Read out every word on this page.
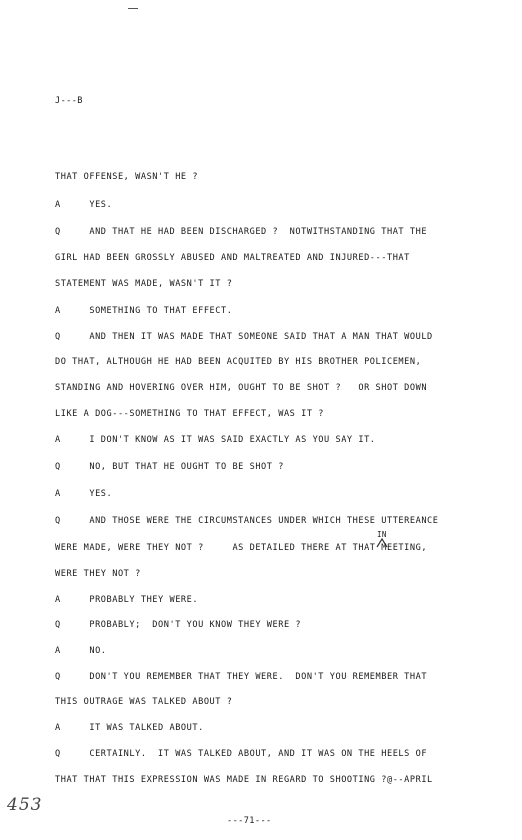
J---B
THAT OFFENSE, WASN'T HE ?
A     YES.
Q     AND THAT HE HAD BEEN DISCHARGED ?  NOTWITHSTANDING THAT THE
GIRL HAD BEEN GROSSLY ABUSED AND MALTREATED AND INJURED---THAT
STATEMENT WAS MADE, WASN'T IT ?
A     SOMETHING TO THAT EFFECT.
Q     AND THEN IT WAS MADE THAT SOMEONE SAID THAT A MAN THAT WOULD
DO THAT, ALTHOUGH HE HAD BEEN ACQUITED BY HIS BROTHER POLICEMEN,
STANDING AND HOVERING OVER HIM, OUGHT TO BE SHOT ?   OR SHOT DOWN
LIKE A DOG---SOMETHING TO THAT EFFECT, WAS IT ?
A     I DON'T KNOW AS IT WAS SAID EXACTLY AS YOU SAY IT.
Q     NO, BUT THAT HE OUGHT TO BE SHOT ?
A     YES.
Q     AND THOSE WERE THE CIRCUMSTANCES UNDER WHICH THESE UTTEREANCE
IN
WERE MADE, WERE THEY NOT ?     AS DETAILED THERE AT THAT MEETING,
WERE THEY NOT ?
A     PROBABLY THEY WERE.
Q     PROBABLY;  DON'T YOU KNOW THEY WERE ?
A     NO.
Q     DON'T YOU REMEMBER THAT THEY WERE.  DON'T YOU REMEMBER THAT
THIS OUTRAGE WAS TALKED ABOUT ?
A     IT WAS TALKED ABOUT.
Q     CERTAINLY.  IT WAS TALKED ABOUT, AND IT WAS ON THE HEELS OF
THAT THAT THIS EXPRESSION WAS MADE IN REGARD TO SHOOTING ?@--APRIL
453
---71---
